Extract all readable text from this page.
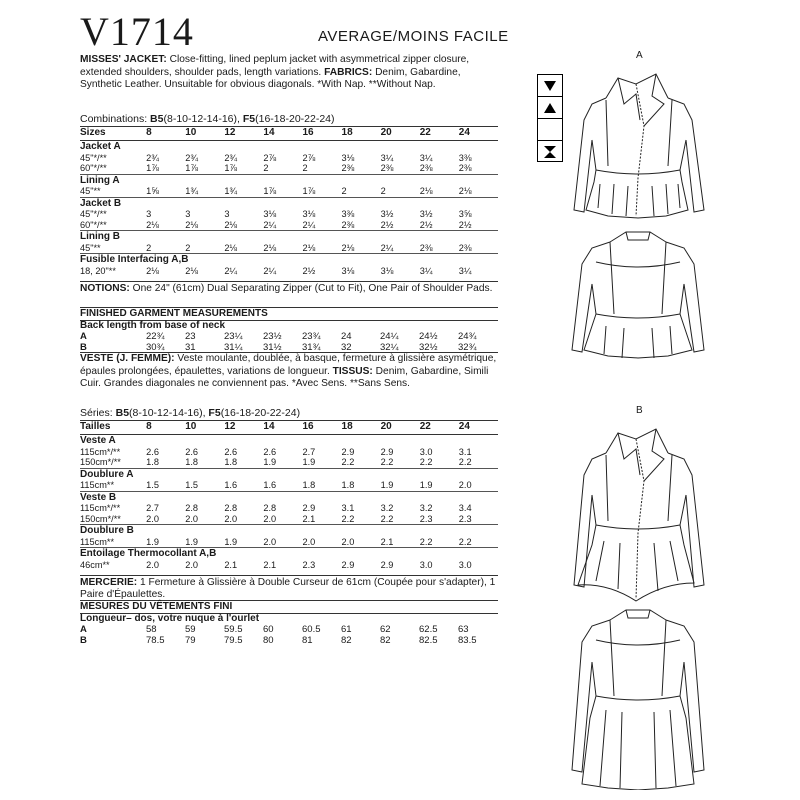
V1714	AVERAGE/MOINS FACILE
MISSES' JACKET: Close-fitting, lined peplum jacket with asymmetrical zipper closure, extended shoulders, shoulder pads, length variations. FABRICS: Denim, Gabardine, Synthetic Leather. Unsuitable for obvious diagonals. *With Nap. **Without Nap.
Combinations: B5(8-10-12-14-16), F5(16-18-20-22-24)
Sizes	8	10	12	14	16	18	20	22	24
Jacket A									
45"*/**	2¾	2¾	2¾	2⅞	2⅞	3⅛	3¼	3¼	3⅜
60"*/**	1⅞	1⅞	1⅞	2	2	2⅜	2⅜	2⅜	2⅜
Lining A									
45"**	1⅝	1¾	1¾	1⅞	1⅞	2	2	2⅛	2⅛
Jacket B									
45"*/**	3	3	3	3⅛	3⅛	3⅜	3½	3½	3⅝
60"*/**	2⅛	2⅛	2⅛	2¼	2¼	2⅜	2½	2½	2½
Lining B									
45"**	2	2	2⅛	2⅛	2⅛	2⅛	2¼	2⅜	2⅜
Fusible Interfacing A,B									
18, 20"**	2⅛	2⅛	2¼	2¼	2½	3⅛	3⅛	3¼	3¼
NOTIONS: One 24" (61cm) Dual Separating Zipper (Cut to Fit), One Pair of Shoulder Pads.
FINISHED GARMENT MEASUREMENTS
Back length from base of neck
A	22¾	23	23¼	23½	23¾	24	24¼	24½	24¾
B	30¾	31	31¼	31½	31¾	32	32¼	32½	32¾
VESTE (J. FEMME): Veste moulante, doublée, à basque, fermeture à glissière asymétrique, épaules prolongées, épaulettes, variations de longueur. TISSUS: Denim, Gabardine, Simili Cuir. Grandes diagonales ne conviennent pas. *Avec Sens. **Sans Sens.
Séries: B5(8-10-12-14-16), F5(16-18-20-22-24)
Tailles	8	10	12	14	16	18	20	22	24
Veste A									
115cm*/**	2.6	2.6	2.6	2.6	2.7	2.9	2.9	3.0	3.1
150cm*/**	1.8	1.8	1.8	1.9	1.9	2.2	2.2	2.2	2.2
Doublure A									
115cm**	1.5	1.5	1.6	1.6	1.8	1.8	1.9	1.9	2.0
Veste B									
115cm*/**	2.7	2.8	2.8	2.8	2.9	3.1	3.2	3.2	3.4
150cm*/**	2.0	2.0	2.0	2.0	2.1	2.2	2.2	2.3	2.3
Doublure B									
115cm**	1.9	1.9	1.9	2.0	2.0	2.0	2.1	2.2	2.2
Entoilage Thermocollant A,B									
46cm**	2.0	2.0	2.1	2.1	2.3	2.9	2.9	3.0	3.0
MERCERIE: 1 Fermeture à Glissière à Double Curseur de 61cm (Coupée pour s'adapter), 1 Paire d'Épaulettes.
MESURES DU VÊTEMENTS FINI
Longueur– dos, votre nuque à l'ourlet
A	58	59	59.5	60	60.5	61	62	62.5	63
B	78.5	79	79.5	80	81	82	82	82.5	83.5
A
B
